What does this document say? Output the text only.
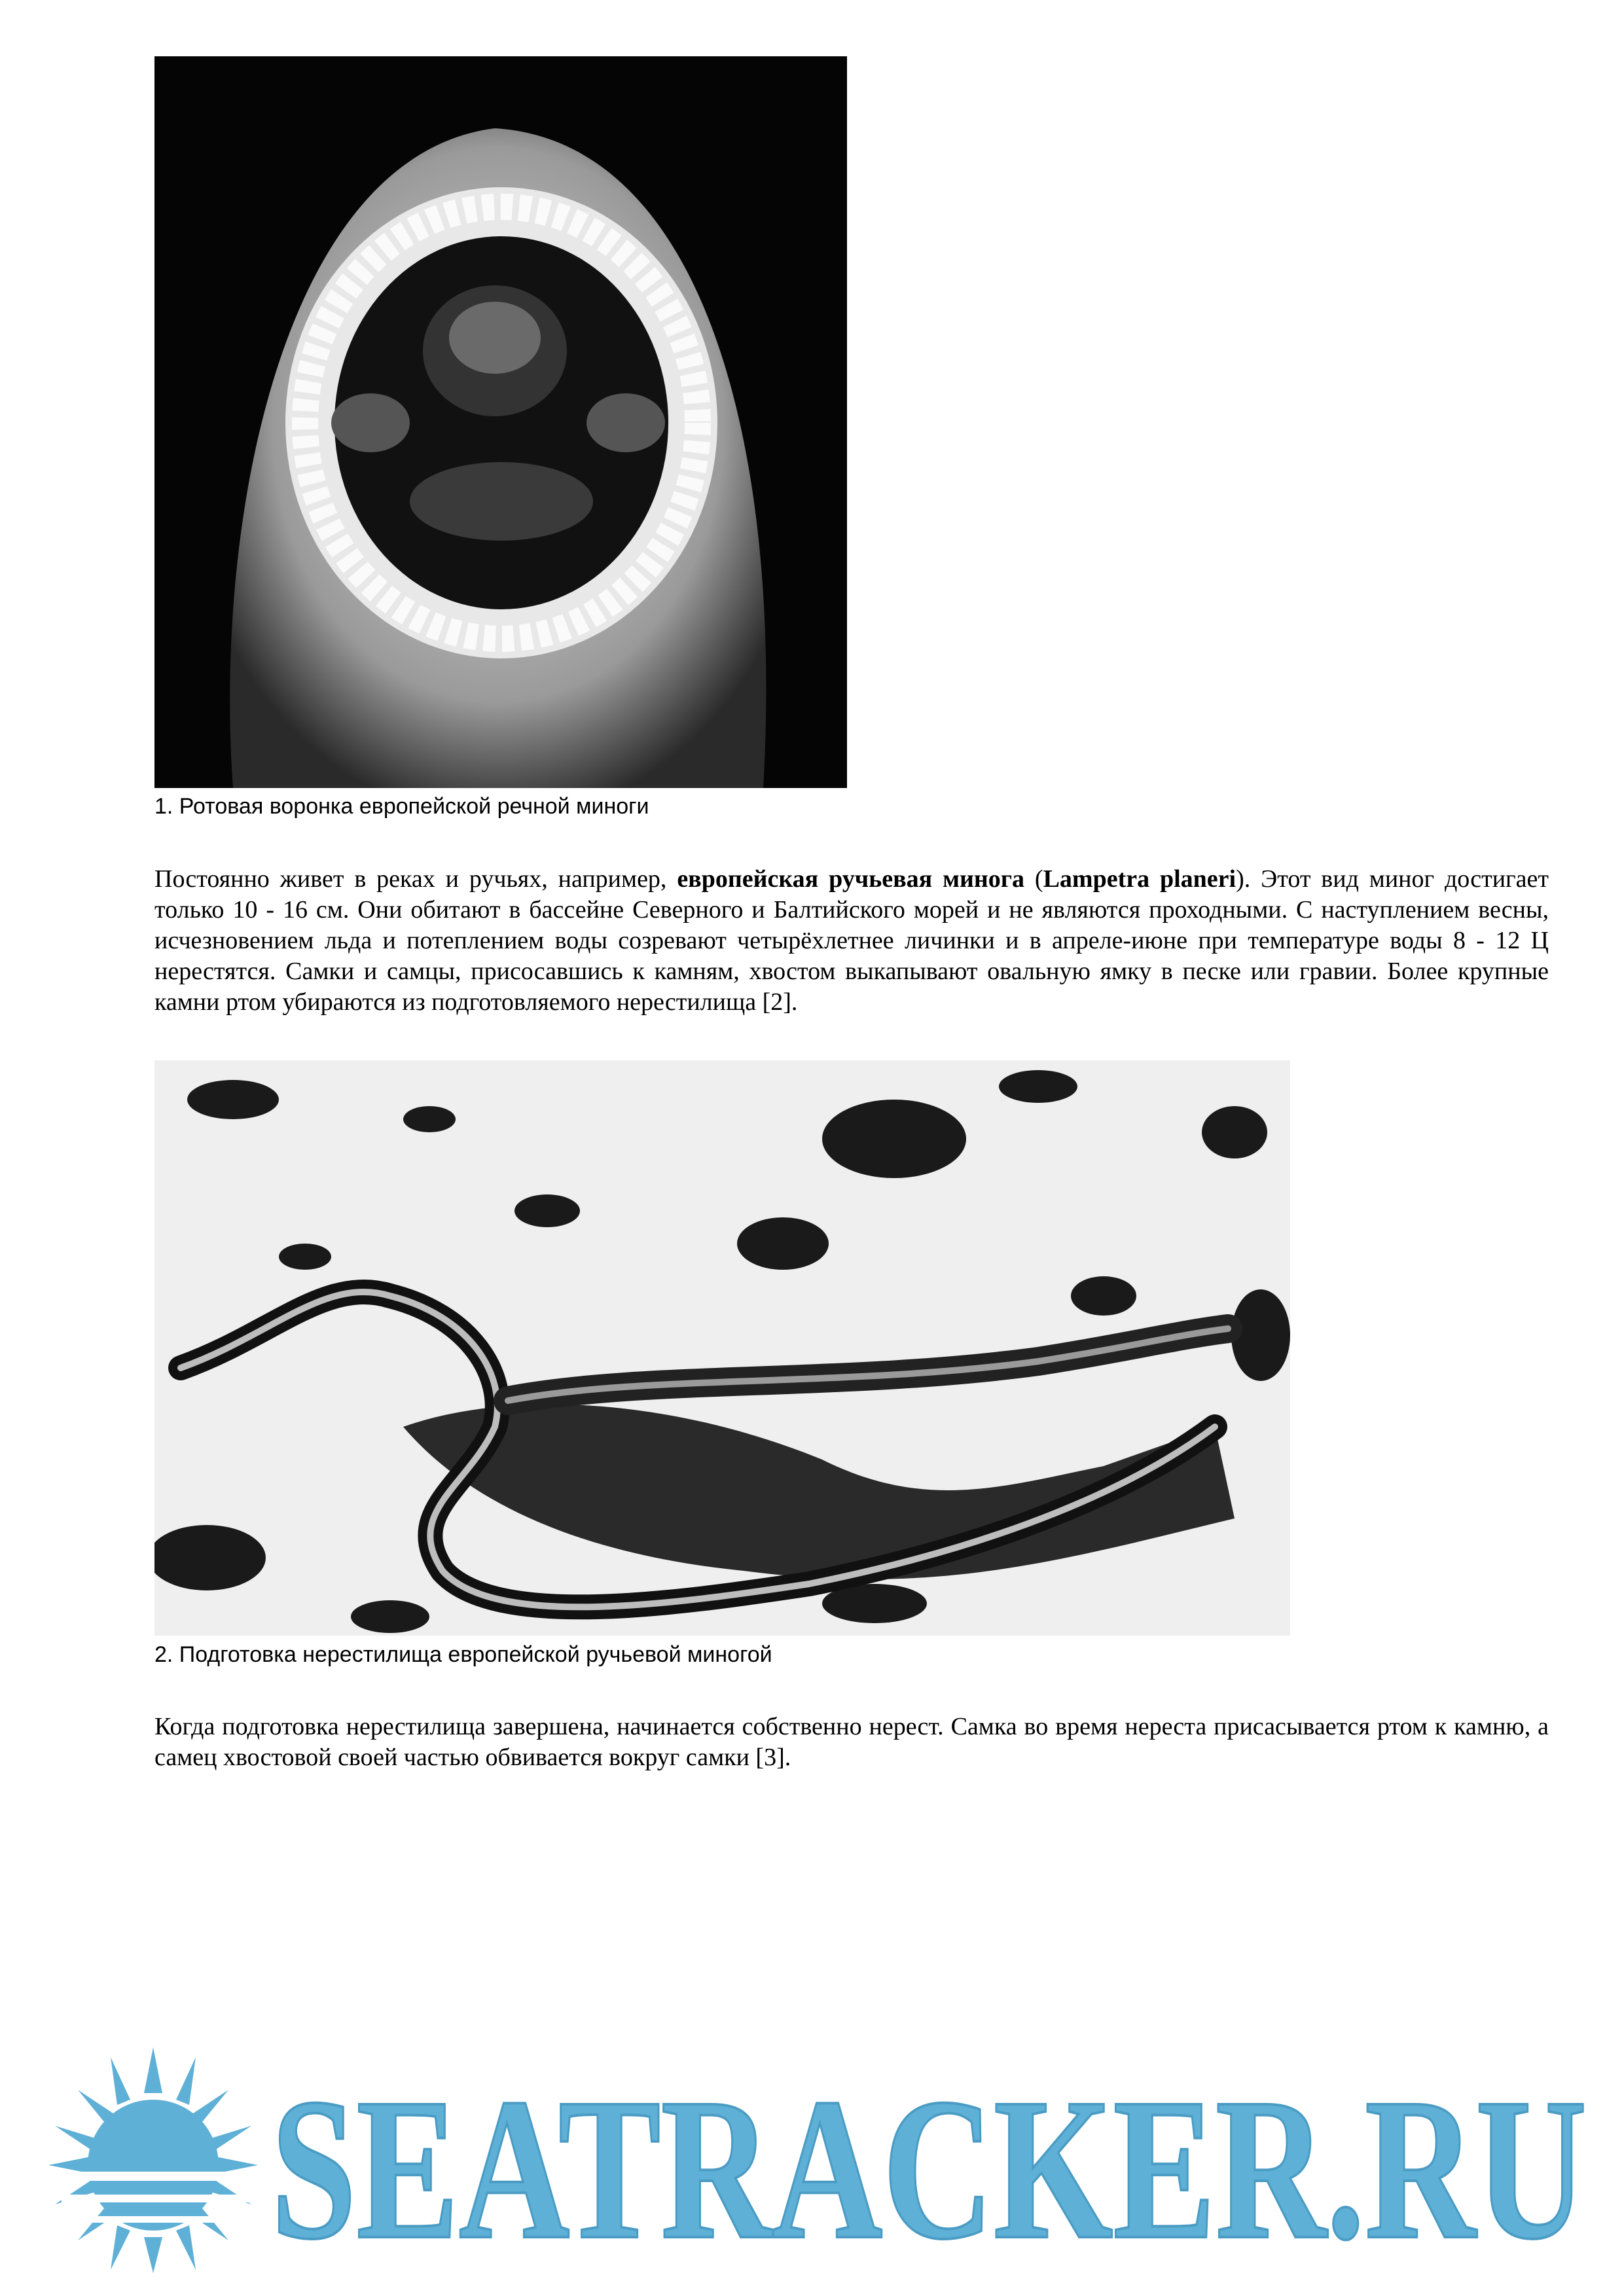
1. Ротовая воронка европейской речной миноги
Постоянно живет в реках и ручьях, например, европейская ручьевая минога (Lampetra planeri). Этот вид миног достигает только 10 - 16 см. Они обитают в бассейне Северного и Балтийского морей и не являются проходными. С наступлением весны, исчезновением льда и потеплением воды созревают четырёхлетнее личинки и в апреле-июне при температуре воды 8 - 12 Ц нерестятся. Самки и самцы, присосавшись к камням, хвостом выкапывают овальную ямку в песке или гравии. Более крупные камни ртом убираются из подготовляемого нерестилища [2].
2. Подготовка нерестилища европейской ручьевой миногой
Когда подготовка нерестилища завершена, начинается собственно нерест. Самка во время нереста присасывается ртом к камню, а самец хвостовой своей частью обвивается вокруг самки [3].
SEATRACKER.RU
